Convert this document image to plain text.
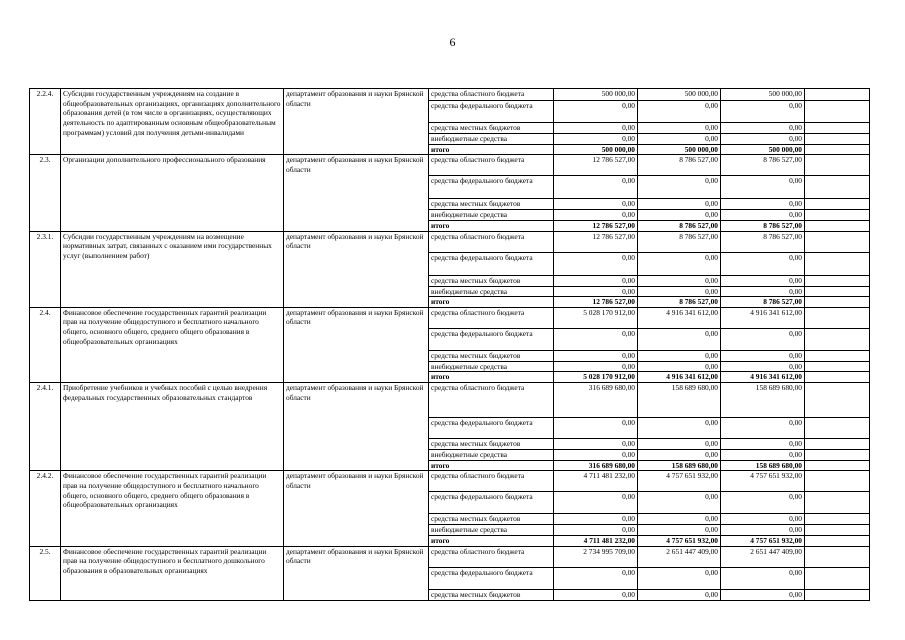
6
2.2.4.	Субсидии государственным учреждениям на создание в общеобразовательных организациях, организациях дополнительного образования детей (в том числе в организациях, осуществляющих деятельность по адаптированным основным общеобразовательным программам) условий для получения детьми-инвалидами	департамент образования и науки Брянской области	средства областного бюджета	500 000,00	500 000,00	500 000,00	
			средства федерального бюджета	0,00	0,00	0,00	
			средства местных бюджетов	0,00	0,00	0,00	
			внебюджетные средства	0,00	0,00	0,00	
			итого	500 000,00	500 000,00	500 000,00	
2.3.	Организации дополнительного профессионального образования	департамент образования и науки Брянской области	средства областного бюджета	12 786 527,00	8 786 527,00	8 786 527,00	
			средства федерального бюджета	0,00	0,00	0,00	
			средства местных бюджетов	0,00	0,00	0,00	
			внебюджетные средства	0,00	0,00	0,00	
			итого	12 786 527,00	8 786 527,00	8 786 527,00	
2.3.1.	Субсидии государственным учреждениям на возмещение нормативных затрат, связанных с оказанием ими государственных услуг (выполнением работ)	департамент образования и науки Брянской области	средства областного бюджета	12 786 527,00	8 786 527,00	8 786 527,00	
			средства федерального бюджета	0,00	0,00	0,00	
			средства местных бюджетов	0,00	0,00	0,00	
			внебюджетные средства	0,00	0,00	0,00	
			итого	12 786 527,00	8 786 527,00	8 786 527,00	
2.4.	Финансовое обеспечение государственных гарантий реализации прав на получение общедоступного и бесплатного начального общего, основного общего, среднего общего образования в общеобразовательных организациях	департамент образования и науки Брянской области	средства областного бюджета	5 028 170 912,00	4 916 341 612,00	4 916 341 612,00	
			средства федерального бюджета	0,00	0,00	0,00	
			средства местных бюджетов	0,00	0,00	0,00	
			внебюджетные средства	0,00	0,00	0,00	
			итого	5 028 170 912,00	4 916 341 612,00	4 916 341 612,00	
2.4.1.	Приобретение учебников и учебных пособий с целью внедрения федеральных государственных образовательных стандартов	департамент образования и науки Брянской области	средства областного бюджета	316 689 680,00	158 689 680,00	158 689 680,00	
			средства федерального бюджета	0,00	0,00	0,00	
			средства местных бюджетов	0,00	0,00	0,00	
			внебюджетные средства	0,00	0,00	0,00	
			итого	316 689 680,00	158 689 680,00	158 689 680,00	
2.4.2.	Финансовое обеспечение государственных гарантий реализации прав на получение общедоступного и бесплатного начального общего, основного общего, среднего общего образования в общеобразовательных организациях	департамент образования и науки Брянской области	средства областного бюджета	4 711 481 232,00	4 757 651 932,00	4 757 651 932,00	
			средства федерального бюджета	0,00	0,00	0,00	
			средства местных бюджетов	0,00	0,00	0,00	
			внебюджетные средства	0,00	0,00	0,00	
			итого	4 711 481 232,00	4 757 651 932,00	4 757 651 932,00	
2.5.	Финансовое обеспечение государственных гарантий реализации прав на получение общедоступного и бесплатного дошкольного образования в образовательных организациях	департамент образования и науки Брянской области	средства областного бюджета	2 734 995 709,00	2 651 447 409,00	2 651 447 409,00	
			средства федерального бюджета	0,00	0,00	0,00	
			средства местных бюджетов	0,00	0,00	0,00	
